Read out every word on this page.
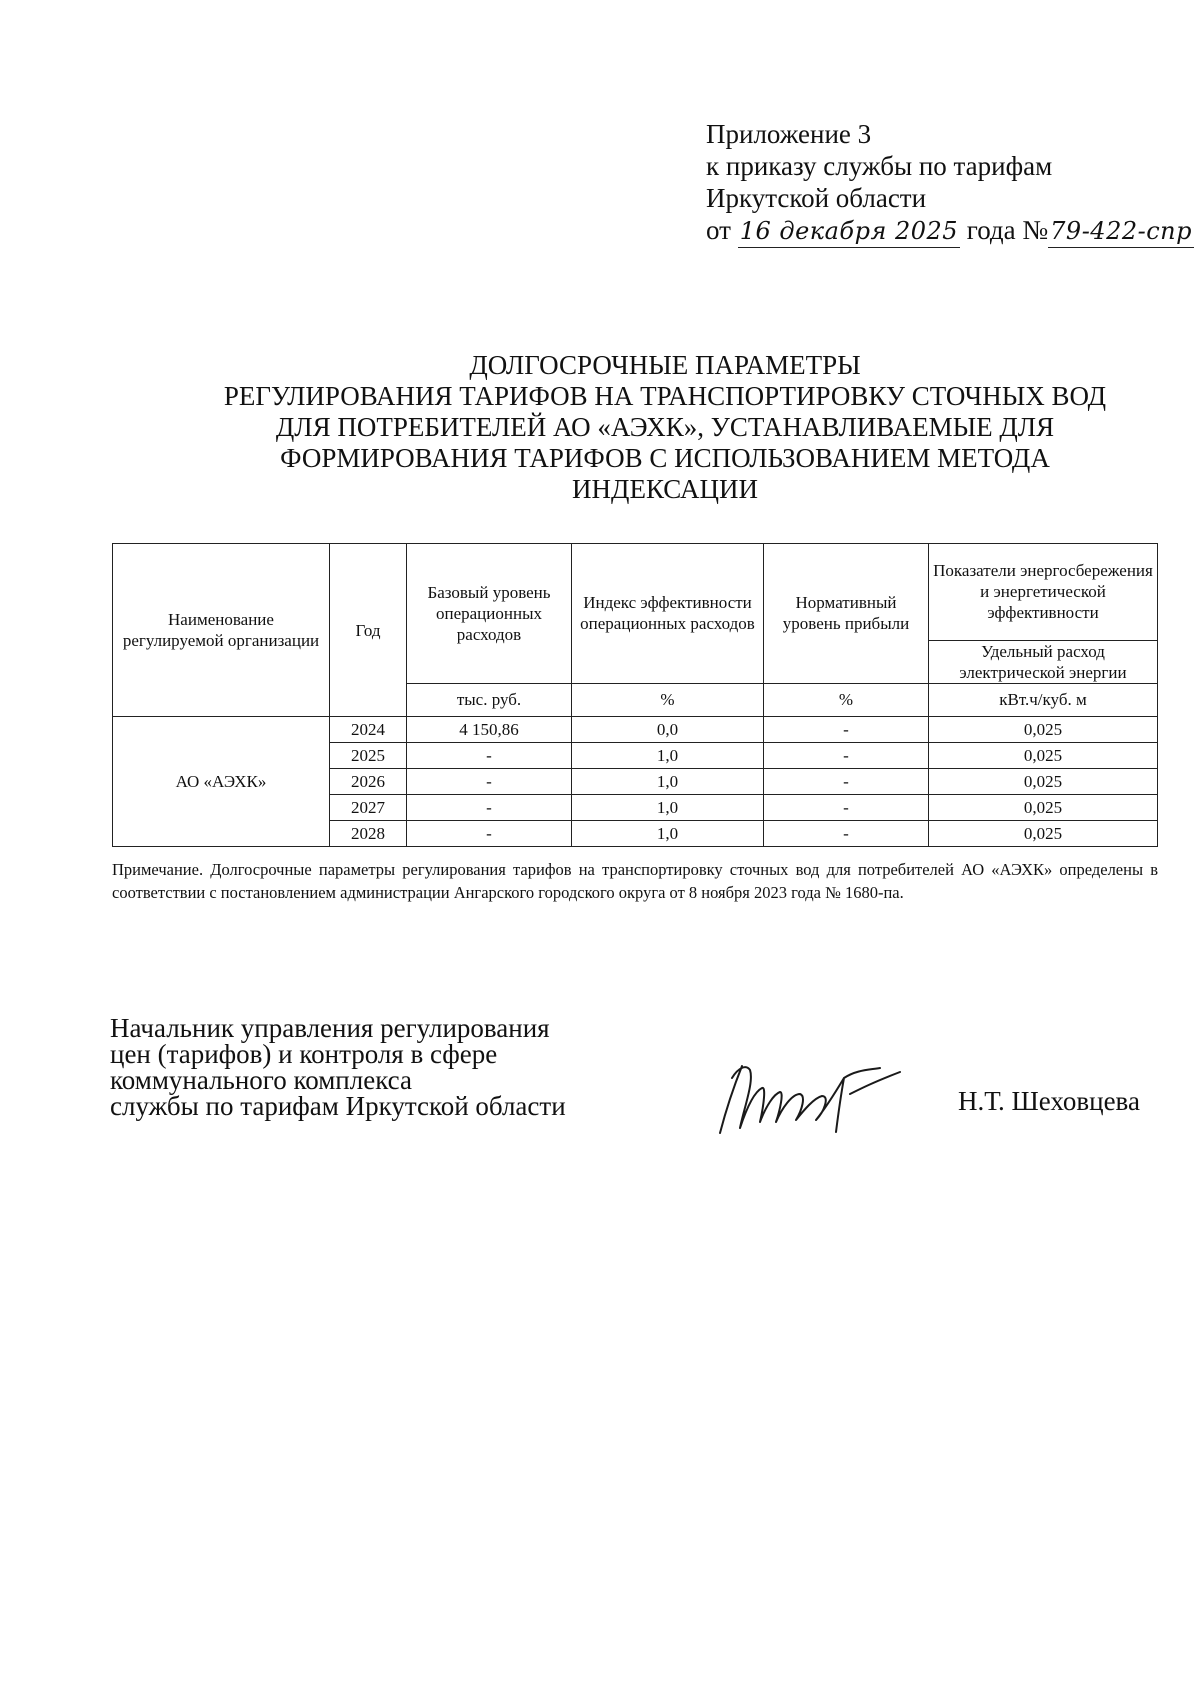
Приложение 3
к приказу службы по тарифам
Иркутской области
от 16 декабря 2025 года №79-422-спр
ДОЛГОСРОЧНЫЕ ПАРАМЕТРЫ
РЕГУЛИРОВАНИЯ ТАРИФОВ НА ТРАНСПОРТИРОВКУ СТОЧНЫХ ВОД
ДЛЯ ПОТРЕБИТЕЛЕЙ АО «АЭХК», УСТАНАВЛИВАЕМЫЕ ДЛЯ
ФОРМИРОВАНИЯ ТАРИФОВ С ИСПОЛЬЗОВАНИЕМ МЕТОДА
ИНДЕКСАЦИИ
Наименование регулируемой организации	Год	Базовый уровень операционных расходов	Индекс эффективности операционных расходов	Нормативный уровень прибыли	Показатели энергосбережения и энергетической эффективности
					Удельный расход электрической энергии
		тыс. руб.	%	%	кВт.ч/куб. м
АО «АЭХК»	2024	4 150,86	0,0	-	0,025
	2025	-	1,0	-	0,025
	2026	-	1,0	-	0,025
	2027	-	1,0	-	0,025
	2028	-	1,0	-	0,025

Примечание. Долгосрочные параметры регулирования тарифов на транспортировку сточных вод для потребителей АО «АЭХК» определены в соответствии с постановлением администрации Ангарского городского округа от 8 ноября 2023 года № 1680-па.

Начальник управления регулирования
цен (тарифов) и контроля в сфере
коммунального комплекса
службы по тарифам Иркутской области	Н.Т. Шеховцева
